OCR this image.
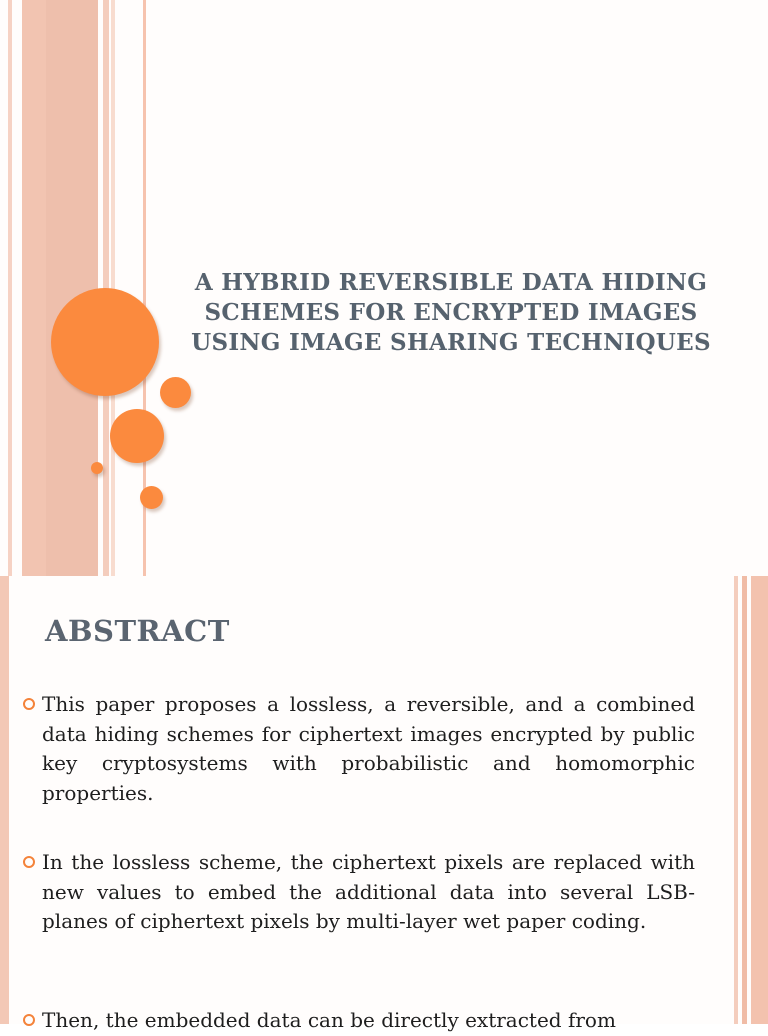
A HYBRID REVERSIBLE DATA HIDING SCHEMES FOR ENCRYPTED IMAGES USING IMAGE SHARING TECHNIQUES
ABSTRACT
This paper proposes a lossless, a reversible, and a combined data hiding schemes for ciphertext images encrypted by public key cryptosystems with probabilistic and homomorphic properties.
In the lossless scheme, the ciphertext pixels are replaced with new values to embed the additional data into several LSB-planes of ciphertext pixels by multi-layer wet paper coding.
Then, the embedded data can be directly extracted from
